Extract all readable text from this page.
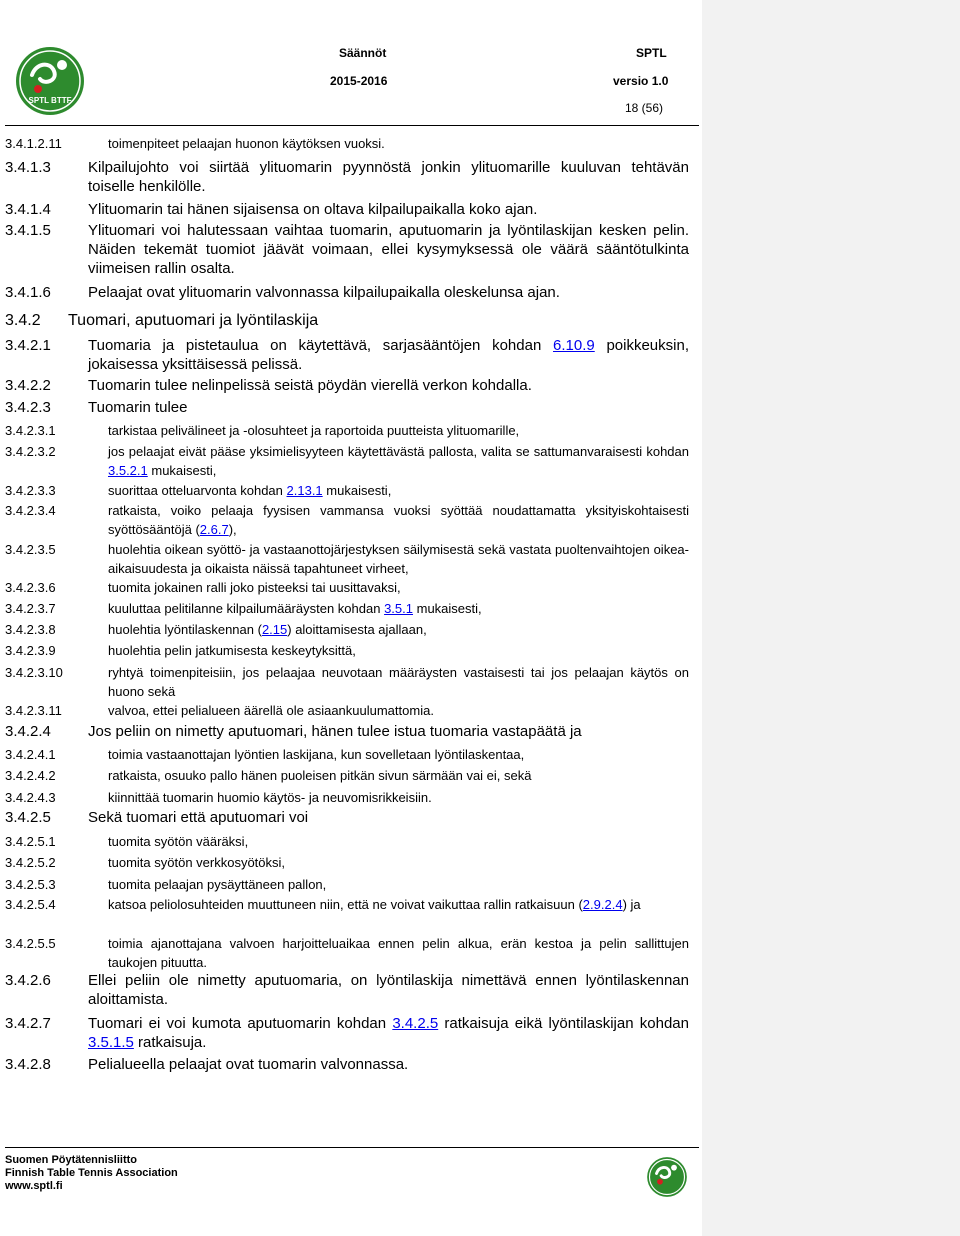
SPTL BTTF
Säännöt	SPTL
2015-2016	versio 1.0
18 (56)
3.4.1.2.11	toimenpiteet pelaajan huonon käytöksen vuoksi.
3.4.1.3 Kilpailujohto voi siirtää ylituomarin pyynnöstä jonkin ylituomarille kuuluvan tehtävän toiselle henkilölle.
3.4.1.4 Ylituomarin tai hänen sijaisensa on oltava kilpailupaikalla koko ajan.
3.4.1.5 Ylituomari voi halutessaan vaihtaa tuomarin, aputuomarin ja lyöntilaskijan kesken pelin. Näiden tekemät tuomiot jäävät voimaan, ellei kysymyksessä ole väärä sääntötulkinta viimeisen rallin osalta.
3.4.1.6 Pelaajat ovat ylituomarin valvonnassa kilpailupaikalla oleskelunsa ajan.
3.4.2 Tuomari, aputuomari ja lyöntilaskija
3.4.2.1 Tuomaria ja pistetaulua on käytettävä, sarjasääntöjen kohdan 6.10.9 poikkeuksin, jokaisessa yksittäisessä pelissä.
3.4.2.2 Tuomarin tulee nelinpelissä seistä pöydän vierellä verkon kohdalla.
3.4.2.3 Tuomarin tulee
3.4.2.3.1	tarkistaa pelivälineet ja -olosuhteet ja raportoida puutteista ylituomarille,
3.4.2.3.2	jos pelaajat eivät pääse yksimielisyyteen käytettävästä pallosta, valita se sattumanvaraisesti kohdan 3.5.2.1 mukaisesti,
3.4.2.3.3	suorittaa otteluarvonta kohdan 2.13.1 mukaisesti,
3.4.2.3.4	ratkaista, voiko pelaaja fyysisen vammansa vuoksi syöttää noudattamatta yksityiskohtaisesti syöttösääntöjä (2.6.7),
3.4.2.3.5	huolehtia oikean syöttö- ja vastaanottojärjestyksen säilymisestä sekä vastata puoltenvaihtojen oikea-aikaisuudesta ja oikaista näissä tapahtuneet virheet,
3.4.2.3.6	tuomita jokainen ralli joko pisteeksi tai uusittavaksi,
3.4.2.3.7	kuuluttaa pelitilanne kilpailumääräysten kohdan 3.5.1 mukaisesti,
3.4.2.3.8	huolehtia lyöntilaskennan (2.15) aloittamisesta ajallaan,
3.4.2.3.9	huolehtia pelin jatkumisesta keskeytyksittä,
3.4.2.3.10	ryhtyä toimenpiteisiin, jos pelaajaa neuvotaan määräysten vastaisesti tai jos pelaajan käytös on huono sekä
3.4.2.3.11	valvoa, ettei pelialueen äärellä ole asiaankuulumattomia.
3.4.2.4 Jos peliin on nimetty aputuomari, hänen tulee istua tuomaria vastapäätä ja
3.4.2.4.1	toimia vastaanottajan lyöntien laskijana, kun sovelletaan lyöntilaskentaa,
3.4.2.4.2	ratkaista, osuuko pallo hänen puoleisen pitkän sivun särmään vai ei, sekä
3.4.2.4.3	kiinnittää tuomarin huomio käytös- ja neuvomisrikkeisiin.
3.4.2.5 Sekä tuomari että aputuomari voi
3.4.2.5.1	tuomita syötön vääräksi,
3.4.2.5.2	tuomita syötön verkkosyötöksi,
3.4.2.5.3	tuomita pelaajan pysäyttäneen pallon,
3.4.2.5.4	katsoa peliolosuhteiden muuttuneen niin, että ne voivat vaikuttaa rallin ratkaisuun (2.9.2.4) ja
3.4.2.5.5	toimia ajanottajana valvoen harjoitteluaikaa ennen pelin alkua, erän kestoa ja pelin sallittujen taukojen pituutta.
3.4.2.6 Ellei peliin ole nimetty aputuomaria, on lyöntilaskija nimettävä ennen lyöntilaskennan aloittamista.
3.4.2.7 Tuomari ei voi kumota aputuomarin kohdan 3.4.2.5 ratkaisuja eikä lyöntilaskijan kohdan 3.5.1.5 ratkaisuja.
3.4.2.8 Pelialueella pelaajat ovat tuomarin valvonnassa.
Suomen Pöytätennisliitto
Finnish Table Tennis Association
www.sptl.fi
